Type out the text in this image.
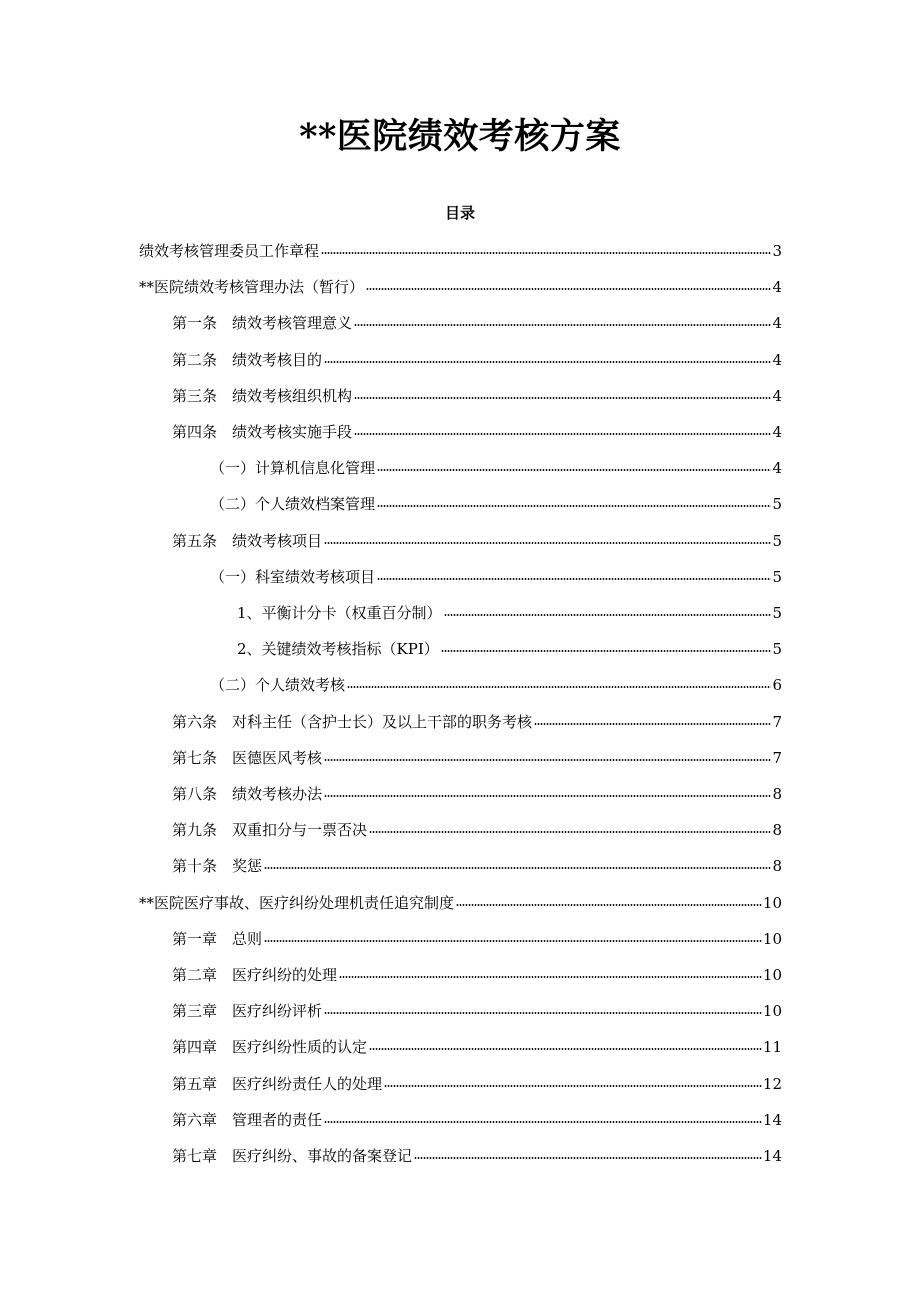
**医院绩效考核方案
目录
绩效考核管理委员工作章程	3
**医院绩效考核管理办法（暂行）	4
第一条　绩效考核管理意义	4
第二条　绩效考核目的	4
第三条　绩效考核组织机构	4
第四条　绩效考核实施手段	4
（一）计算机信息化管理	4
（二）个人绩效档案管理	5
第五条　绩效考核项目	5
（一）科室绩效考核项目	5
1、平衡计分卡（权重百分制）	5
2、关键绩效考核指标（KPI）	5
（二）个人绩效考核	6
第六条　对科主任（含护士长）及以上干部的职务考核	7
第七条　医德医风考核	7
第八条　绩效考核办法	8
第九条　双重扣分与一票否决	8
第十条　奖惩	8
**医院医疗事故、医疗纠纷处理机责任追究制度	10
第一章　总则	10
第二章　医疗纠纷的处理	10
第三章　医疗纠纷评析	10
第四章　医疗纠纷性质的认定	11
第五章　医疗纠纷责任人的处理	12
第六章　管理者的责任	14
第七章　医疗纠纷、事故的备案登记	14
